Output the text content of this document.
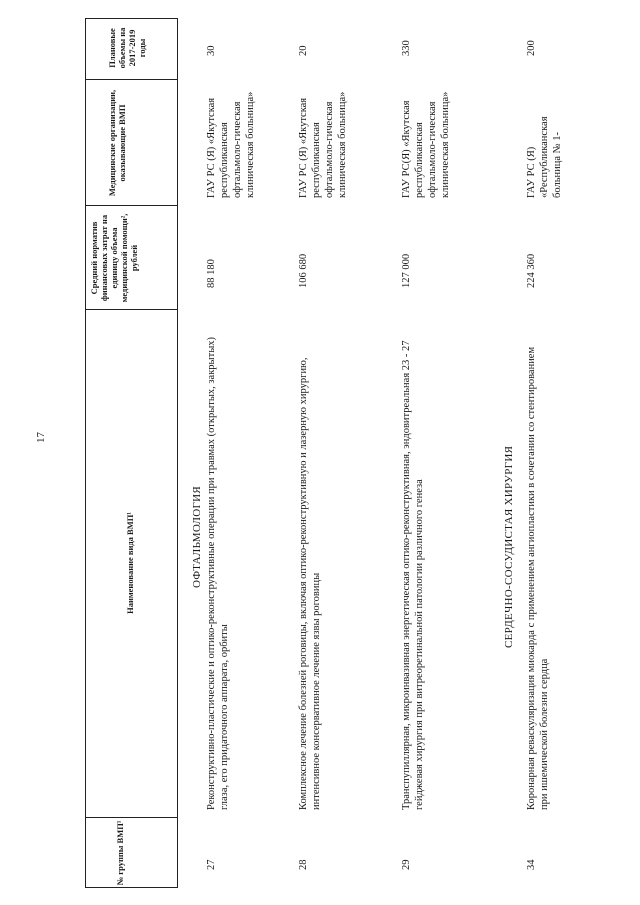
17
№ группы ВМП¹
Наименование вида ВМП¹
Средний норматив финансовых затрат на единицу объема медицинской помощи², рублей
Медицинские организации, оказывающие ВМП
Плановые объемы на 2017-2019 годы
ОФТАЛЬМОЛОГИЯ
27
Реконструктивно-пластические и оптико-реконструктивные операции при травмах (открытых, закрытых) глаза, его придаточного аппарата, орбиты
88 180
ГАУ РС (Я) «Якутская республиканская офтальмоло-гическая клиническая больница»
30
28
Комплексное лечение болезней роговицы, включая оптико-реконструктивную и лазерную хирургию, интенсивное консервативное лечение язвы роговицы
106 680
ГАУ РС (Я) «Якутская республиканская офтальмоло-гическая клиническая больница»
20
29
Транспупиллярная, микроинвазивная энергетическая оптико-реконструктивная, эндовитреальная 23 - 27 гейджевая хирургия при витреоретинальной патологии различного генеза
127 000
ГАУ РС(Я) «Якутская республиканская офтальмоло-гическая клиническая больница»
330
СЕРДЕЧНО-СОСУДИСТАЯ ХИРУРГИЯ
34
Коронарная реваскуляризация миокарда с применением ангиопластики в сочетании со стентированием при ишемической болезни сердца
224 360
ГАУ РС (Я) «Республиканская больница № 1-
200
